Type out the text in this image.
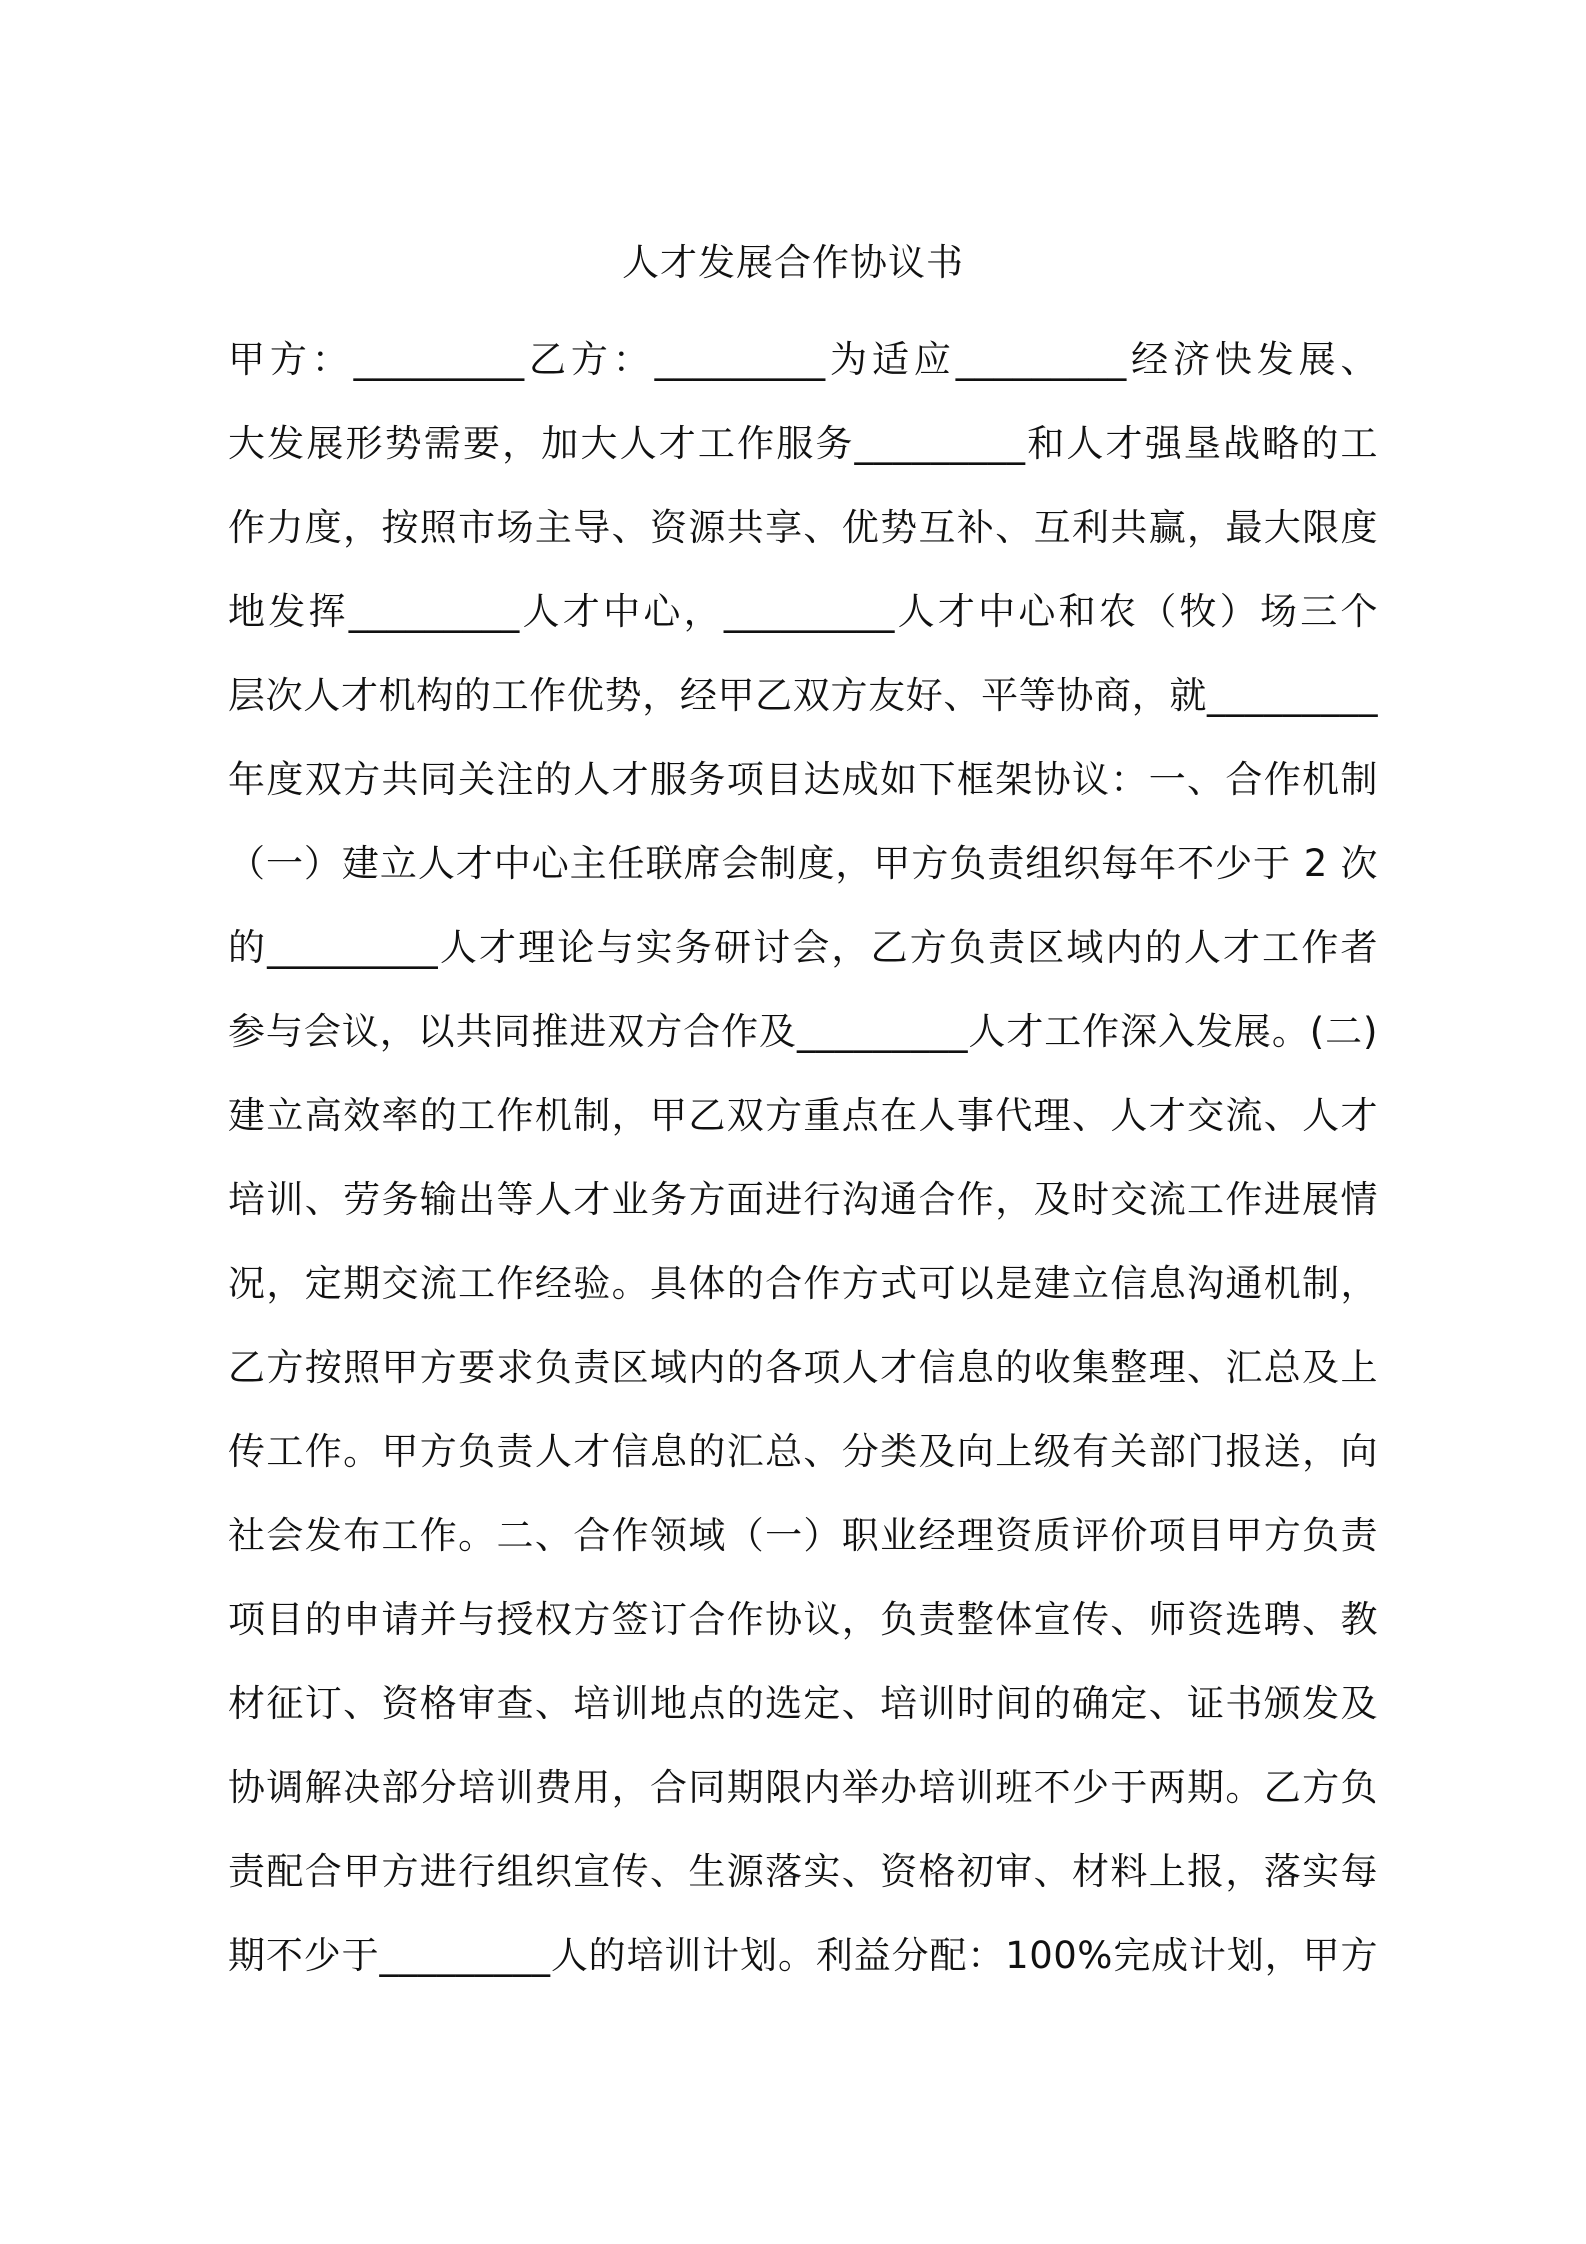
人才发展合作协议书
甲方：_________乙方：_________为适应_________经济快发展、
大发展形势需要，加大人才工作服务_________和人才强垦战略的工
作力度，按照市场主导、资源共享、优势互补、互利共赢，最大限度
地发挥_________人才中心，_________人才中心和农（牧）场三个
层次人才机构的工作优势，经甲乙双方友好、平等协商，就_________
年度双方共同关注的人才服务项目达成如下框架协议：一、合作机制
（一）建立人才中心主任联席会制度，甲方负责组织每年不少于 2 次
的_________人才理论与实务研讨会，乙方负责区域内的人才工作者
参与会议，以共同推进双方合作及_________人才工作深入发展。(二)
建立高效率的工作机制，甲乙双方重点在人事代理、人才交流、人才
培训、劳务输出等人才业务方面进行沟通合作，及时交流工作进展情
况，定期交流工作经验。具体的合作方式可以是建立信息沟通机制，
乙方按照甲方要求负责区域内的各项人才信息的收集整理、汇总及上
传工作。甲方负责人才信息的汇总、分类及向上级有关部门报送，向
社会发布工作。二、合作领域（一）职业经理资质评价项目甲方负责
项目的申请并与授权方签订合作协议，负责整体宣传、师资选聘、教
材征订、资格审查、培训地点的选定、培训时间的确定、证书颁发及
协调解决部分培训费用，合同期限内举办培训班不少于两期。乙方负
责配合甲方进行组织宣传、生源落实、资格初审、材料上报，落实每
期不少于_________人的培训计划。利益分配：100%完成计划，甲方
